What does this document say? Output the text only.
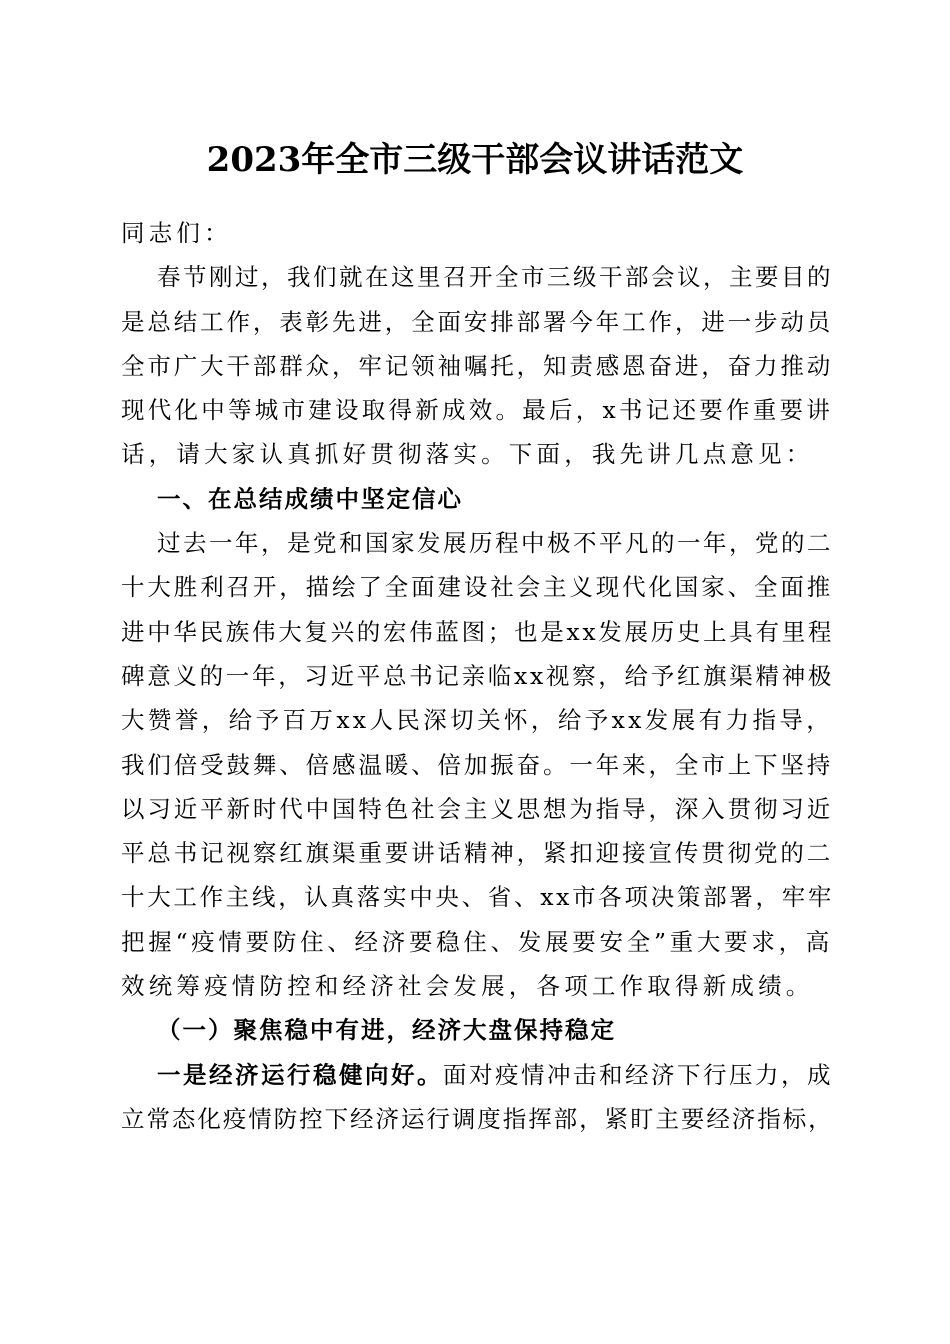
2023年全市三级干部会议讲话范文
同志们：
春节刚过，我们就在这里召开全市三级干部会议，主要目的
是总结工作，表彰先进，全面安排部署今年工作，进一步动员
全市广大干部群众，牢记领袖嘱托，知责感恩奋进，奋力推动
现代化中等城市建设取得新成效。最后，x书记还要作重要讲
话，请大家认真抓好贯彻落实。下面，我先讲几点意见：
一、在总结成绩中坚定信心
过去一年，是党和国家发展历程中极不平凡的一年，党的二
十大胜利召开，描绘了全面建设社会主义现代化国家、全面推
进中华民族伟大复兴的宏伟蓝图；也是xx发展历史上具有里程
碑意义的一年，习近平总书记亲临xx视察，给予红旗渠精神极
大赞誉，给予百万xx人民深切关怀，给予xx发展有力指导，
我们倍受鼓舞、倍感温暖、倍加振奋。一年来，全市上下坚持
以习近平新时代中国特色社会主义思想为指导，深入贯彻习近
平总书记视察红旗渠重要讲话精神，紧扣迎接宣传贯彻党的二
十大工作主线，认真落实中央、省、xx市各项决策部署，牢牢
把握“疫情要防住、经济要稳住、发展要安全”重大要求，高
效统筹疫情防控和经济社会发展，各项工作取得新成绩。
（一）聚焦稳中有进，经济大盘保持稳定
一是经济运行稳健向好。面对疫情冲击和经济下行压力，成
立常态化疫情防控下经济运行调度指挥部，紧盯主要经济指标，
